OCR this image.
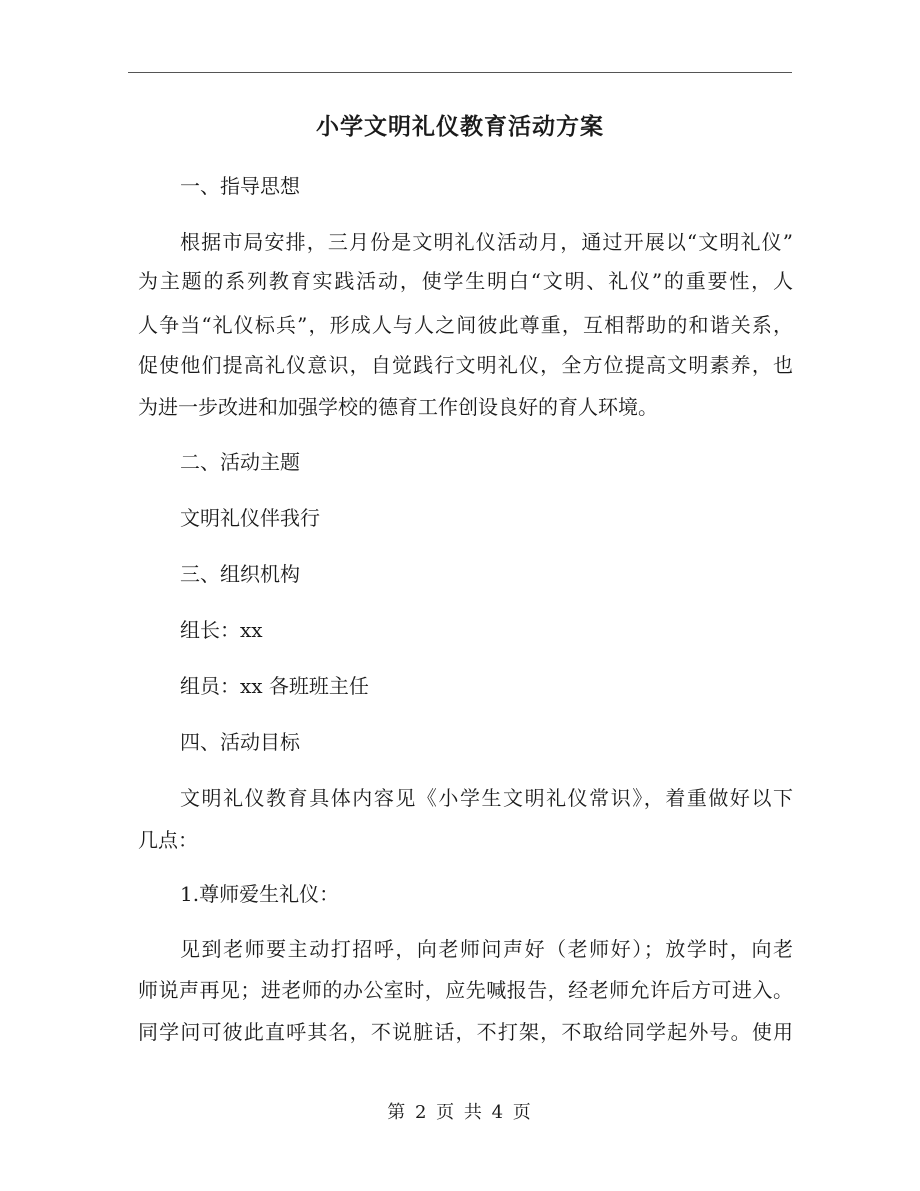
小学文明礼仪教育活动方案
一、指导思想
根据市局安排，三月份是文明礼仪活动月，通过开展以“文明礼仪”
为主题的系列教育实践活动，使学生明白“文明、礼仪”的重要性，人
人争当“礼仪标兵”，形成人与人之间彼此尊重，互相帮助的和谐关系，
促使他们提高礼仪意识，自觉践行文明礼仪，全方位提高文明素养，也
为进一步改进和加强学校的德育工作创设良好的育人环境。
二、活动主题
文明礼仪伴我行
三、组织机构
组长：xx
组员：xx 各班班主任
四、活动目标
文明礼仪教育具体内容见《小学生文明礼仪常识》，着重做好以下
几点：
1.尊师爱生礼仪：
见到老师要主动打招呼，向老师问声好（老师好）；放学时，向老
师说声再见；进老师的办公室时，应先喊报告，经老师允许后方可进入。
同学问可彼此直呼其名，不说脏话，不打架，不取给同学起外号。使用
第 2 页 共 4 页
